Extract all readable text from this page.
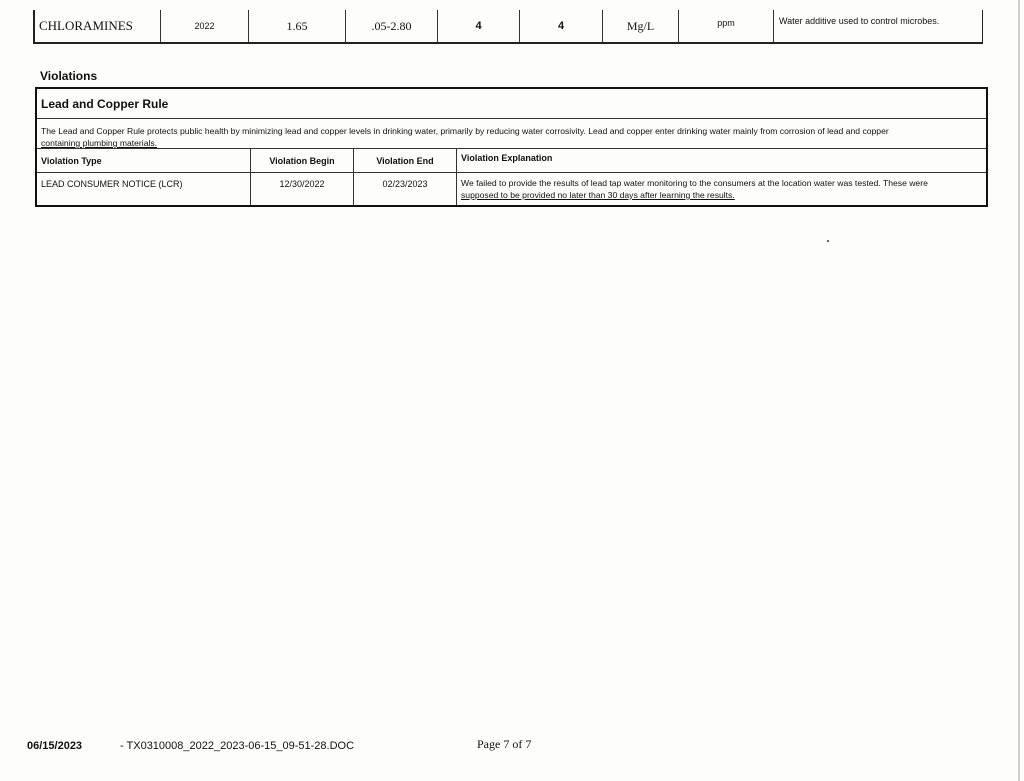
CHLORAMINES	2022	1.65	.05-2.80	4	4	Mg/L	ppm	Water additive used to control microbes.
Violations
Lead and Copper Rule
The Lead and Copper Rule protects public health by minimizing lead and copper levels in drinking water, primarily by reducing water corrosivity. Lead and copper enter drinking water mainly from corrosion of lead and copper
containing plumbing materials.
Violation Type	Violation Begin	Violation End	Violation Explanation
LEAD CONSUMER NOTICE (LCR)	12/30/2022	02/23/2023	We failed to provide the results of lead tap water monitoring to the consumers at the location water was tested. These were
supposed to be provided no later than 30 days after learning the results.
06/15/2023	- TX0310008_2022_2023-06-15_09-51-28.DOC	Page 7 of 7
